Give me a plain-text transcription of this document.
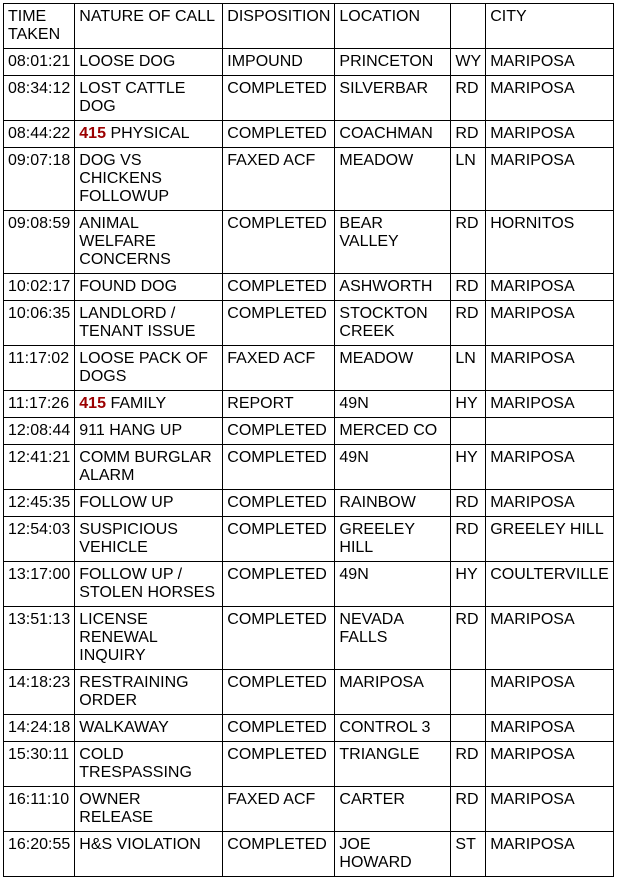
TIME TAKEN	NATURE OF CALL	DISPOSITION	LOCATION		CITY
08:01:21	LOOSE DOG	IMPOUND	PRINCETON	WY	MARIPOSA
08:34:12	LOST CATTLE DOG	COMPLETED	SILVERBAR	RD	MARIPOSA
08:44:22	415 PHYSICAL	COMPLETED	COACHMAN	RD	MARIPOSA
09:07:18	DOG VS CHICKENS FOLLOWUP	FAXED ACF	MEADOW	LN	MARIPOSA
09:08:59	ANIMAL WELFARE CONCERNS	COMPLETED	BEAR VALLEY	RD	HORNITOS
10:02:17	FOUND DOG	COMPLETED	ASHWORTH	RD	MARIPOSA
10:06:35	LANDLORD / TENANT ISSUE	COMPLETED	STOCKTON CREEK	RD	MARIPOSA
11:17:02	LOOSE PACK OF DOGS	FAXED ACF	MEADOW	LN	MARIPOSA
11:17:26	415 FAMILY	REPORT	49N	HY	MARIPOSA
12:08:44	911 HANG UP	COMPLETED	MERCED CO		
12:41:21	COMM BURGLAR ALARM	COMPLETED	49N	HY	MARIPOSA
12:45:35	FOLLOW UP	COMPLETED	RAINBOW	RD	MARIPOSA
12:54:03	SUSPICIOUS VEHICLE	COMPLETED	GREELEY HILL	RD	GREELEY HILL
13:17:00	FOLLOW UP / STOLEN HORSES	COMPLETED	49N	HY	COULTERVILLE
13:51:13	LICENSE RENEWAL INQUIRY	COMPLETED	NEVADA FALLS	RD	MARIPOSA
14:18:23	RESTRAINING ORDER	COMPLETED	MARIPOSA		MARIPOSA
14:24:18	WALKAWAY	COMPLETED	CONTROL 3		MARIPOSA
15:30:11	COLD TRESPASSING	COMPLETED	TRIANGLE	RD	MARIPOSA
16:11:10	OWNER RELEASE	FAXED ACF	CARTER	RD	MARIPOSA
16:20:55	H&S VIOLATION	COMPLETED	JOE HOWARD	ST	MARIPOSA
